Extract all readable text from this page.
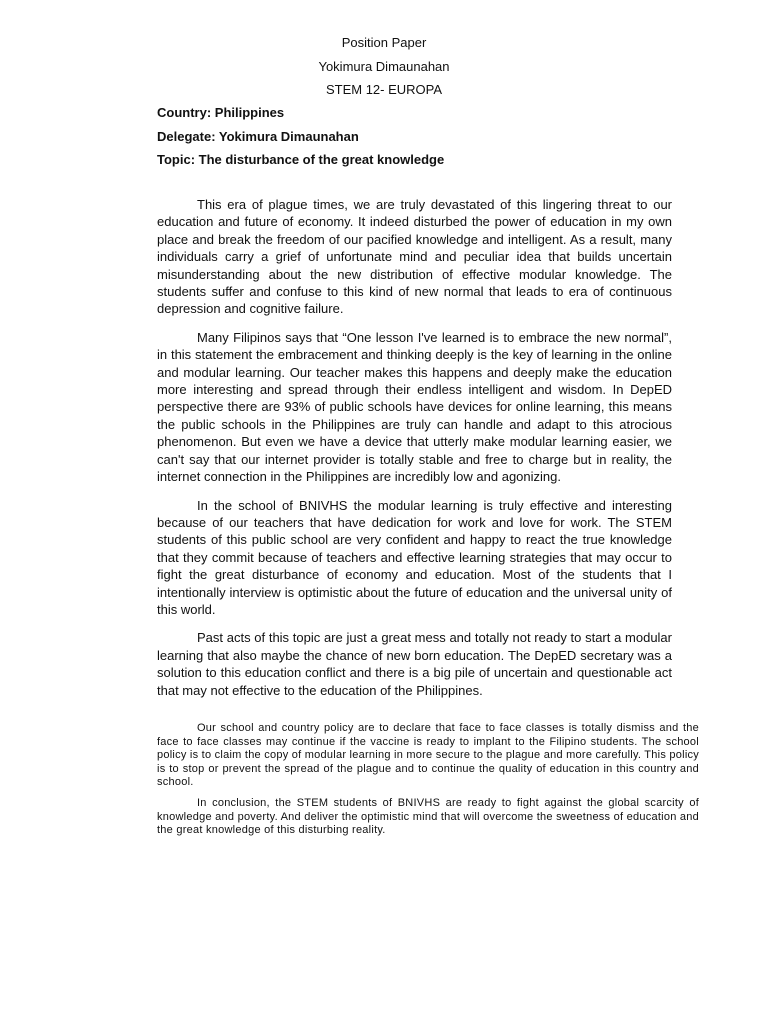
Position Paper
Yokimura Dimaunahan
STEM 12- EUROPA
Country: Philippines
Delegate: Yokimura Dimaunahan
Topic: The disturbance of the great knowledge

This era of plague times, we are truly devastated of this lingering threat to our education and future of economy. It indeed disturbed the power of education in my own place and break the freedom of our pacified knowledge and intelligent. As a result, many individuals carry a grief of unfortunate mind and peculiar idea that builds uncertain misunderstanding about the new distribution of effective modular knowledge. The students suffer and confuse to this kind of new normal that leads to era of continuous depression and cognitive failure.

Many Filipinos says that “One lesson I've learned is to embrace the new normal”, in this statement the embracement and thinking deeply is the key of learning in the online and modular learning. Our teacher makes this happens and deeply make the education more interesting and spread through their endless intelligent and wisdom. In DepED perspective there are 93% of public schools have devices for online learning, this means the public schools in the Philippines are truly can handle and adapt to this atrocious phenomenon. But even we have a device that utterly make modular learning easier, we can't say that our internet provider is totally stable and free to charge but in reality, the internet connection in the Philippines are incredibly low and agonizing.

In the school of BNIVHS the modular learning is truly effective and interesting because of our teachers that have dedication for work and love for work. The STEM students of this public school are very confident and happy to react the true knowledge that they commit because of teachers and effective learning strategies that may occur to fight the great disturbance of economy and education. Most of the students that I intentionally interview is optimistic about the future of education and the universal unity of this world.

Past acts of this topic are just a great mess and totally not ready to start a modular learning that also maybe the chance of new born education. The DepED secretary was a solution to this education conflict and there is a big pile of uncertain and questionable act that may not effective to the education of the Philippines.

Our school and country policy are to declare that face to face classes is totally dismiss and the face to face classes may continue if the vaccine is ready to implant to the Filipino students. The school policy is to claim the copy of modular learning in more secure to the plague and more carefully. This policy is to stop or prevent the spread of the plague and to continue the quality of education in this country and school.

In conclusion, the STEM students of BNIVHS are ready to fight against the global scarcity of knowledge and poverty. And deliver the optimistic mind that will overcome the sweetness of education and the great knowledge of this disturbing reality.
